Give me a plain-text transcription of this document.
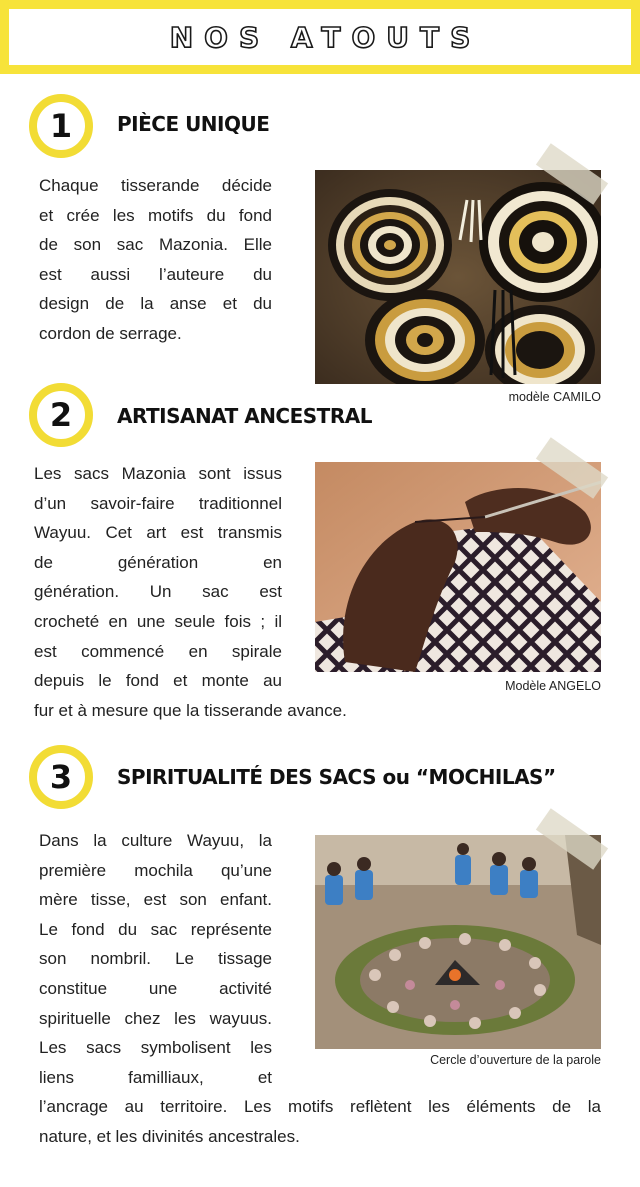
NOS ATOUTS
1 PIÈCE UNIQUE
Chaque tisserande décide
et crée les motifs du fond
de son sac Mazonia. Elle
est aussi l’auteure du
design de la anse et du
cordon de serrage.
modèle CAMILO
2 ARTISANAT ANCESTRAL
Les sacs Mazonia sont issus
d’un savoir-faire traditionnel
Wayuu. Cet art est transmis
de génération en
génération. Un sac est
crocheté en une seule fois ; il
est commencé en spirale
depuis le fond et monte au
fur et à mesure que la tisserande avance.
Modèle ANGELO
3 SPIRITUALITÉ DES SACS ou “MOCHILAS”
Dans la culture Wayuu, la
première mochila qu’une
mère tisse, est son enfant.
Le fond du sac représente
son nombril. Le tissage
constitue une activité
spirituelle chez les wayuus.
Les sacs symbolisent les
liens familliaux, et
l’ancrage au territoire. Les motifs reflètent les éléments de la
nature, et les divinités ancestrales.
Cercle d’ouverture de la parole
